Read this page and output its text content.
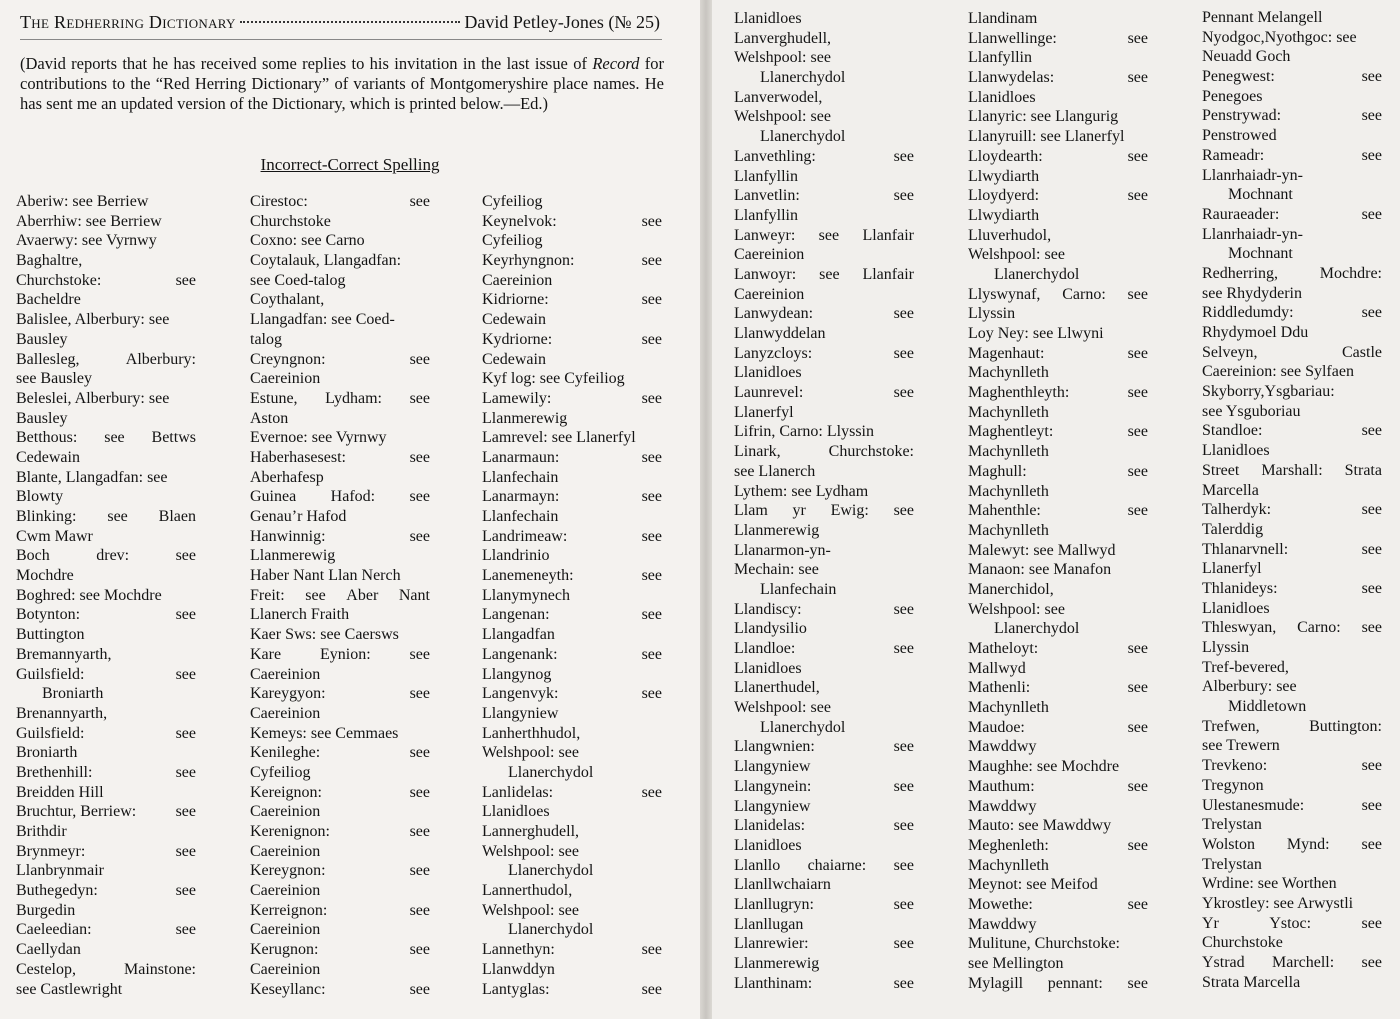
The Redherring Dictionary	David Petley-Jones (№ 25)
(David reports that he has received some replies to his invitation in the last issue of Record for contributions to the “Red Herring Dictionary” of variants of Montgomeryshire place names. He has sent me an updated version of the Dictionary, which is printed below.—Ed.)
Incorrect-Correct Spelling
Aberiw: see Berriew
Aberrhiw: see Berriew
Avaerwy: see Vyrnwy
Baghaltre,
Churchstoke:	see
Bacheldre
Balislee, Alberbury: see
Bausley
Ballesleg,	Alberbury:
see Bausley
Beleslei, Alberbury: see
Bausley
Betthous: see Bettws
Cedewain
Blante, Llangadfan: see
Blowty
Blinking: see Blaen
Cwm Mawr
Boch	drev:	see
Mochdre
Boghred: see Mochdre
Botynton:	see
Buttington
Bremannyarth,
Guilsfield:	see
Broniarth
Brenannyarth,
Guilsfield:	see
Broniarth
Brethenhill:	see
Breidden Hill
Bruchtur, Berriew: see
Brithdir
Brynmeyr:	see
Llanbrynmair
Buthegedyn:	see
Burgedin
Caeleedian:	see
Caellydan
Cestelop,	Mainstone:
see Castlewright
Cirestoc:	see
Churchstoke
Coxno: see Carno
Coytalauk, Llangadfan:
see Coed-talog
Coythalant,
Llangadfan: see Coed-
talog
Creyngnon:	see
Caereinion
Estune, Lydham: see
Aston
Evernoe: see Vyrnwy
Haberhasesest:	see
Aberhafesp
Guinea Hafod: see
Genau’r Hafod
Hanwinnig:	see
Llanmerewig
Haber Nant Llan Nerch
Freit: see Aber Nant
Llanerch Fraith
Kaer Sws: see Caersws
Kare Eynion: see
Caereinion
Kareygyon:	see
Caereinion
Kemeys: see Cemmaes
Kenileghe:	see
Cyfeiliog
Kereignon:	see
Caereinion
Kerenignon:	see
Caereinion
Kereygnon:	see
Caereinion
Kerreignon:	see
Caereinion
Kerugnon:	see
Caereinion
Keseyllanc:	see
Cyfeiliog
Keynelvok:	see
Cyfeiliog
Keyrhyngnon:	see
Caereinion
Kidriorne:	see
Cedewain
Kydriorne:	see
Cedewain
Kyf log: see Cyfeiliog
Lamewily:	see
Llanmerewig
Lamrevel: see Llanerfyl
Lanarmaun:	see
Llanfechain
Lanarmayn:	see
Llanfechain
Landrimeaw:	see
Llandrinio
Lanemeneyth:	see
Llanymynech
Langenan:	see
Llangadfan
Langenank:	see
Llangynog
Langenvyk:	see
Llangyniew
Lanherthhudol,
Welshpool: see
Llanerchydol
Lanlidelas:	see
Llanidloes
Lannerghudell,
Welshpool: see
Llanerchydol
Lannerthudol,
Welshpool: see
Llanerchydol
Lannethyn:	see
Llanwddyn
Lantyglas:	see
Llanidloes
Lanverghudell,
Welshpool: see
Llanerchydol
Lanverwodel,
Welshpool: see
Llanerchydol
Lanvethling:	see
Llanfyllin
Lanvetlin:	see
Llanfyllin
Lanweyr: see Llanfair
Caereinion
Lanwoyr: see Llanfair
Caereinion
Lanwydean:	see
Llanwyddelan
Lanyzcloys:	see
Llanidloes
Launrevel:	see
Llanerfyl
Lifrin, Carno: Llyssin
Linark,	Churchstoke:
see Llanerch
Lythem: see Lydham
Llam yr Ewig: see
Llanmerewig
Llanarmon-yn-
Mechain: see
Llanfechain
Llandiscy:	see
Llandysilio
Llandloe:	see
Llanidloes
Llanerthudel,
Welshpool: see
Llanerchydol
Llangwnien:	see
Llangyniew
Llangynein:	see
Llangyniew
Llanidelas:	see
Llanidloes
Llanllo chaiarne: see
Llanllwchaiarn
Llanllugryn:	see
Llanllugan
Llanrewier:	see
Llanmerewig
Llanthinam:	see
Llandinam
Llanwellinge:	see
Llanfyllin
Llanwydelas:	see
Llanidloes
Llanyric: see Llangurig
Llanyruill: see Llanerfyl
Lloydearth:	see
Llwydiarth
Lloydyerd:	see
Llwydiarth
Lluverhudol,
Welshpool: see
Llanerchydol
Llyswynaf, Carno: see
Llyssin
Loy Ney: see Llwyni
Magenhaut:	see
Machynlleth
Maghenthleyth:	see
Machynlleth
Maghentleyt:	see
Machynlleth
Maghull:	see
Machynlleth
Mahenthle:	see
Machynlleth
Malewyt: see Mallwyd
Manaon: see Manafon
Manerchidol,
Welshpool: see
Llanerchydol
Matheloyt:	see
Mallwyd
Mathenli:	see
Machynlleth
Maudoe:	see
Mawddwy
Maughhe: see Mochdre
Mauthum:	see
Mawddwy
Mauto: see Mawddwy
Meghenleth:	see
Machynlleth
Meynot: see Meifod
Mowethe:	see
Mawddwy
Mulitune, Churchstoke:
see Mellington
Mylagill pennant: see
Pennant Melangell
Nyodgoc,Nyothgoc: see
Neuadd Goch
Penegwest:	see
Penegoes
Penstrywad:	see
Penstrowed
Rameadr:	see
Llanrhaiadr-yn-
Mochnant
Rauraeader:	see
Llanrhaiadr-yn-
Mochnant
Redherring,	Mochdre:
see Rhydyderin
Riddledumdy:	see
Rhydymoel Ddu
Selveyn,	Castle
Caereinion: see Sylfaen
Skyborry,Ysgbariau:
see Ysguboriau
Standloe:	see
Llanidloes
Street Marshall: Strata
Marcella
Talherdyk:	see
Talerddig
Thlanarvnell:	see
Llanerfyl
Thlanideys:	see
Llanidloes
Thleswyan, Carno: see
Llyssin
Tref-bevered,
Alberbury: see
Middletown
Trefwen,	Buttington:
see Trewern
Trevkeno:	see
Tregynon
Ulestanesmude:	see
Trelystan
Wolston Mynd: see
Trelystan
Wrdine: see Worthen
Ykrostley: see Arwystli
Yr	Ystoc:	see
Churchstoke
Ystrad Marchell: see
Strata Marcella
